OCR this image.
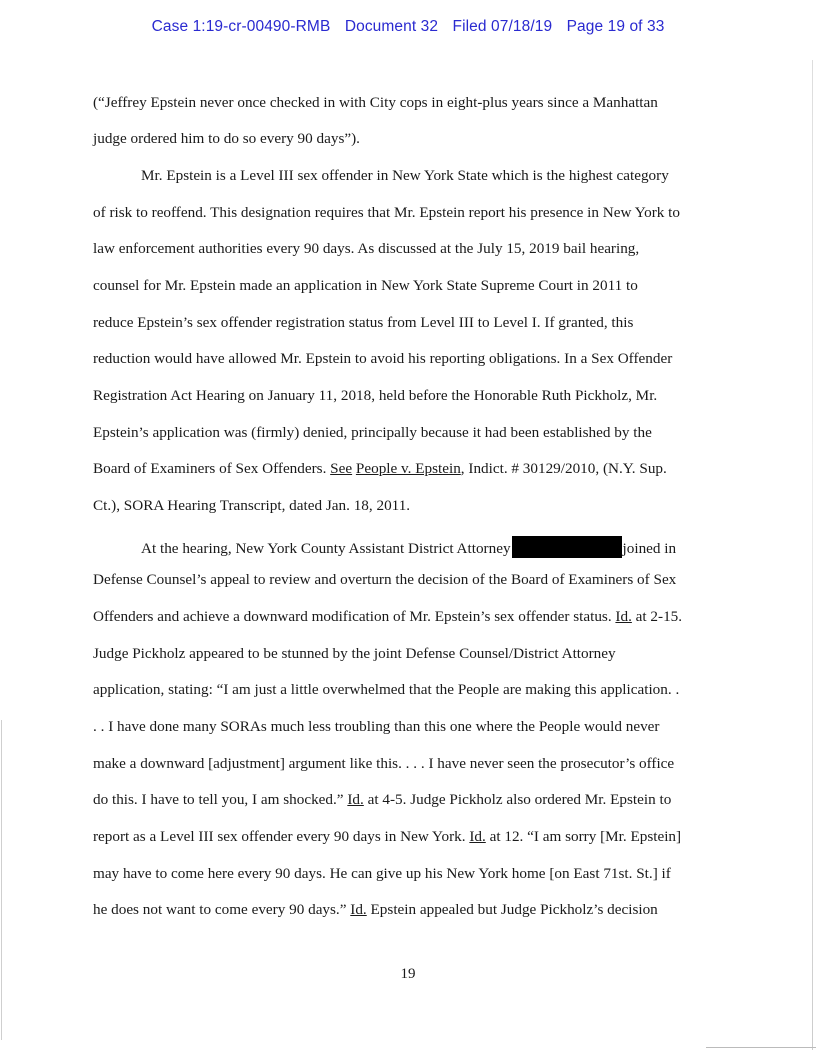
Case 1:19-cr-00490-RMB Document 32 Filed 07/18/19 Page 19 of 33
(“Jeffrey Epstein never once checked in with City cops in eight-plus years since a Manhattan
judge ordered him to do so every 90 days”).
Mr. Epstein is a Level III sex offender in New York State which is the highest category
of risk to reoffend. This designation requires that Mr. Epstein report his presence in New York to
law enforcement authorities every 90 days. As discussed at the July 15, 2019 bail hearing,
counsel for Mr. Epstein made an application in New York State Supreme Court in 2011 to
reduce Epstein’s sex offender registration status from Level III to Level I. If granted, this
reduction would have allowed Mr. Epstein to avoid his reporting obligations. In a Sex Offender
Registration Act Hearing on January 11, 2018, held before the Honorable Ruth Pickholz, Mr.
Epstein’s application was (firmly) denied, principally because it had been established by the
Board of Examiners of Sex Offenders. See People v. Epstein, Indict. # 30129/2010, (N.Y. Sup.
Ct.), SORA Hearing Transcript, dated Jan. 18, 2011.
At the hearing, New York County Assistant District Attorney	joined in
Defense Counsel’s appeal to review and overturn the decision of the Board of Examiners of Sex
Offenders and achieve a downward modification of Mr. Epstein’s sex offender status. Id. at 2-15.
Judge Pickholz appeared to be stunned by the joint Defense Counsel/District Attorney
application, stating: “I am just a little overwhelmed that the People are making this application. .
. . I have done many SORAs much less troubling than this one where the People would never
make a downward [adjustment] argument like this. . . . I have never seen the prosecutor’s office
do this. I have to tell you, I am shocked.” Id. at 4-5. Judge Pickholz also ordered Mr. Epstein to
report as a Level III sex offender every 90 days in New York. Id. at 12. “I am sorry [Mr. Epstein]
may have to come here every 90 days. He can give up his New York home [on East 71st. St.] if
he does not want to come every 90 days.” Id. Epstein appealed but Judge Pickholz’s decision
19
